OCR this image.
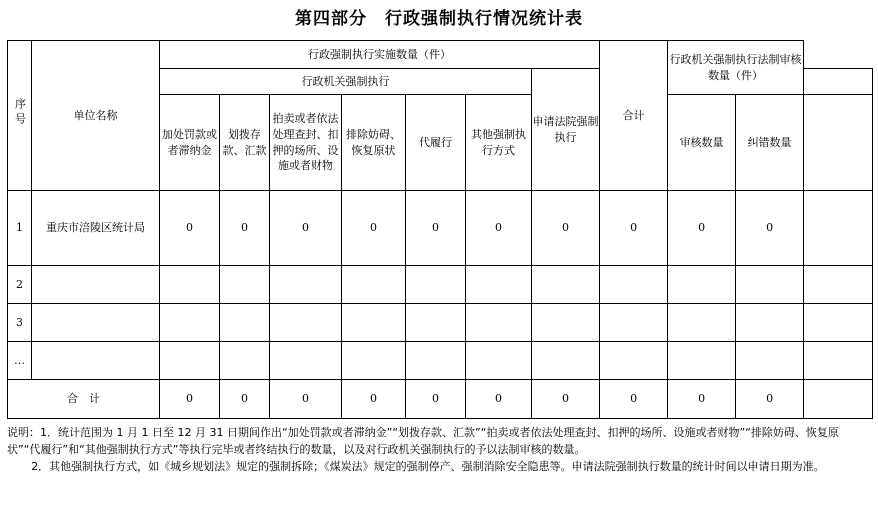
第四部分　行政强制执行情况统计表
序号	单位名称	行政强制执行实施数量（件）							合计	行政机关强制执行法制审核数量（件）		
		行政机关强制执行						申请法院强制执行				
		加处罚款或者滞纳金	划拨存款、汇款	拍卖或者依法处理查封、扣押的场所、设施或者财物	排除妨碍、恢复原状	代履行	其他强制执行方式			审核数量	纠错数量	
1	重庆市涪陵区统计局	0	0	0	0	0	0	0	0	0	0	
2												
3												
…												
合　计		0	0	0	0	0	0	0	0	0	0	

说明：1．统计范围为 1 月 1 日至 12 月 31 日期间作出“加处罚款或者滞纳金”“划拨存款、汇款”“拍卖或者依法处理查封、扣押的场所、设施或者财物”“排除妨碍、恢复原状”“代履行”和“其他强制执行方式”等执行完毕或者终结执行的数量，以及对行政机关强制执行的予以法制审核的数量。

2．其他强制执行方式，如《城乡规划法》规定的强制拆除；《煤炭法》规定的强制停产、强制消除安全隐患等。申请法院强制执行数量的统计时间以申请日期为准。
